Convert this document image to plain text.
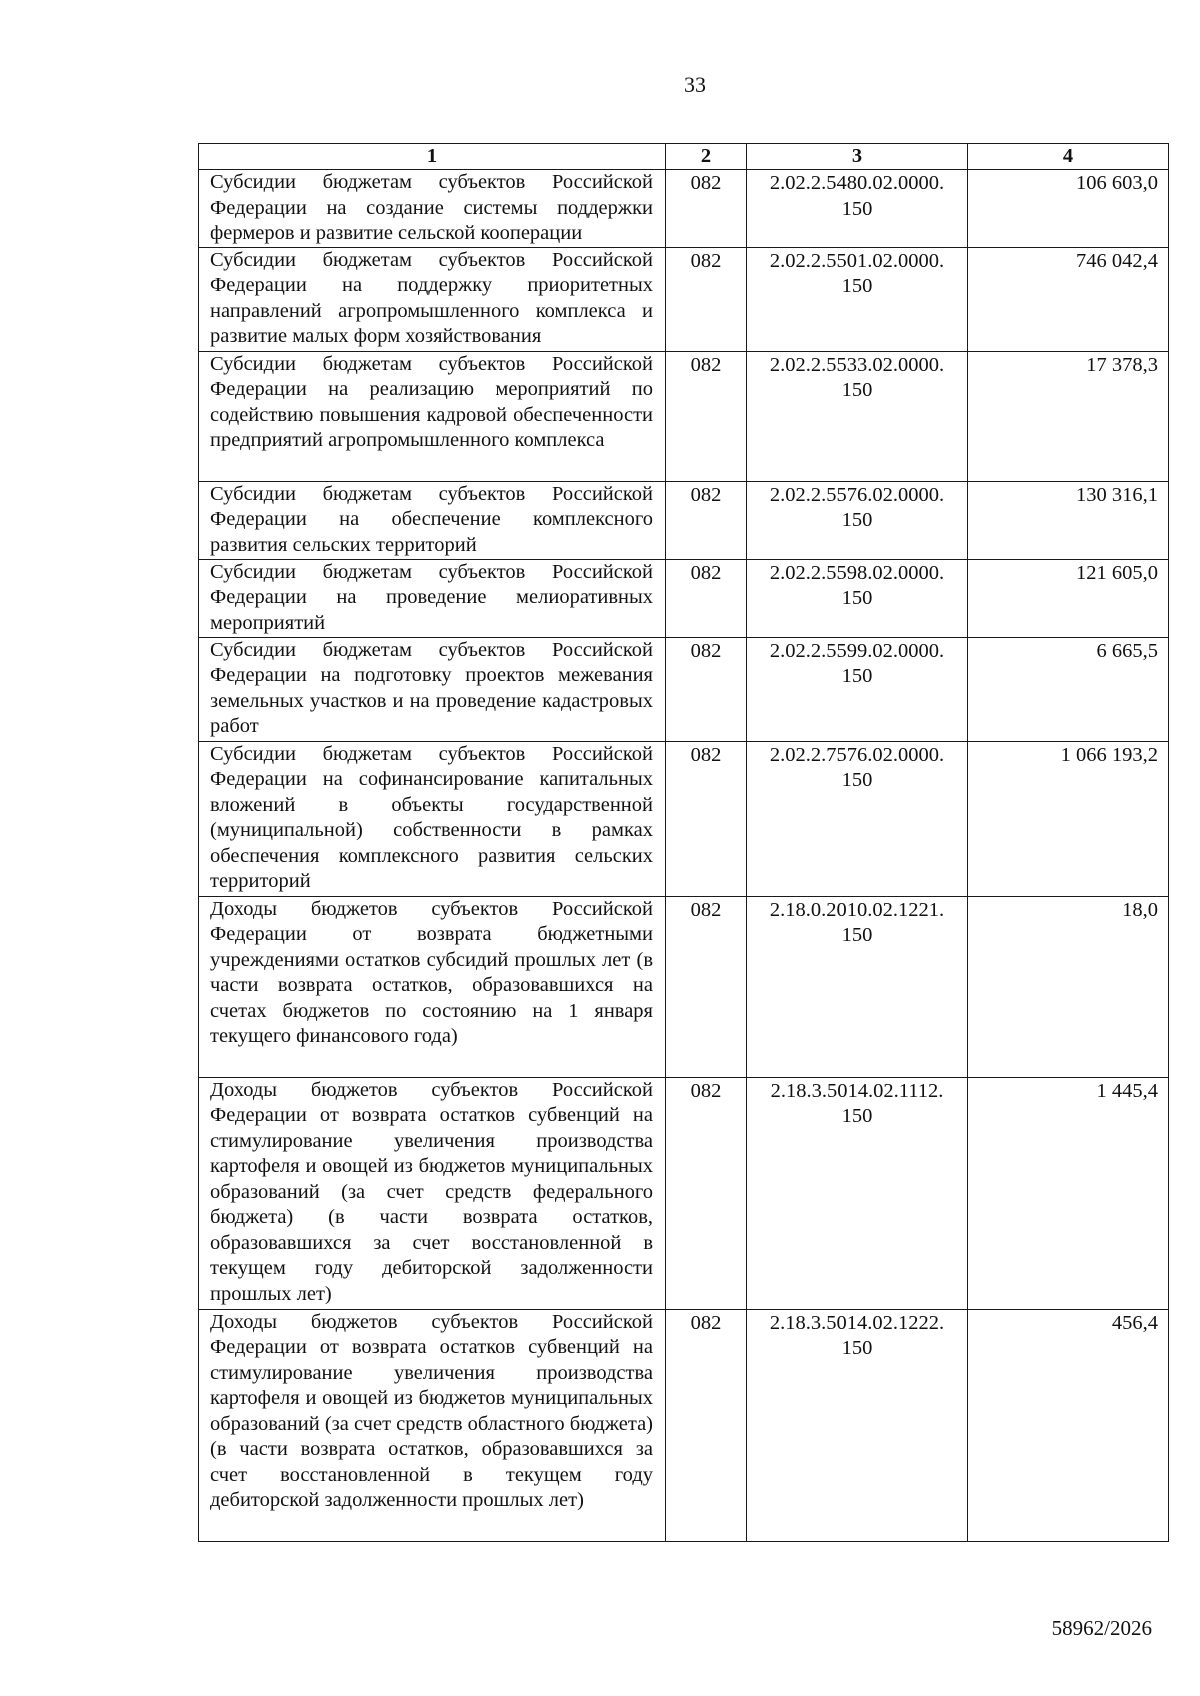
33
1	2	3	4
Субсидии бюджетам субъектов Российской Федерации на создание системы поддержки фермеров и развитие сельской кооперации	082	2.02.2.5480.02.0000. 150	106 603,0
Субсидии бюджетам субъектов Российской Федерации на поддержку приоритетных направлений агропромышленного комплекса и развитие малых форм хозяйствования	082	2.02.2.5501.02.0000. 150	746 042,4
Субсидии бюджетам субъектов Российской Федерации на реализацию мероприятий по содействию повышения кадровой обеспеченности предприятий агропромышленного комплекса	082	2.02.2.5533.02.0000. 150	17 378,3
Субсидии бюджетам субъектов Российской Федерации на обеспечение комплексного развития сельских территорий	082	2.02.2.5576.02.0000. 150	130 316,1
Субсидии бюджетам субъектов Российской Федерации на проведение мелиоративных мероприятий	082	2.02.2.5598.02.0000. 150	121 605,0
Субсидии бюджетам субъектов Российской Федерации на подготовку проектов межевания земельных участков и на проведение кадастровых работ	082	2.02.2.5599.02.0000. 150	6 665,5
Субсидии бюджетам субъектов Российской Федерации на софинансирование капитальных вложений в объекты государственной (муниципальной) собственности в рамках обеспечения комплексного развития сельских территорий	082	2.02.2.7576.02.0000. 150	1 066 193,2
Доходы бюджетов субъектов Российской Федерации от возврата бюджетными учреждениями остатков субсидий прошлых лет (в части возврата остатков, образовавшихся на счетах бюджетов по состоянию на 1 января текущего финансового года)	082	2.18.0.2010.02.1221. 150	18,0
Доходы бюджетов субъектов Российской Федерации от возврата остатков субвенций на стимулирование увеличения производства картофеля и овощей из бюджетов муниципальных образований (за счет средств федерального бюджета) (в части возврата остатков, образовавшихся за счет восстановленной в текущем году дебиторской задолженности прошлых лет)	082	2.18.3.5014.02.1112. 150	1 445,4
Доходы бюджетов субъектов Российской Федерации от возврата остатков субвенций на стимулирование увеличения производства картофеля и овощей из бюджетов муниципальных образований (за счет средств областного бюджета) (в части возврата остатков, образовавшихся за счет восстановленной в текущем году дебиторской задолженности прошлых лет)	082	2.18.3.5014.02.1222. 150	456,4
58962/2026
